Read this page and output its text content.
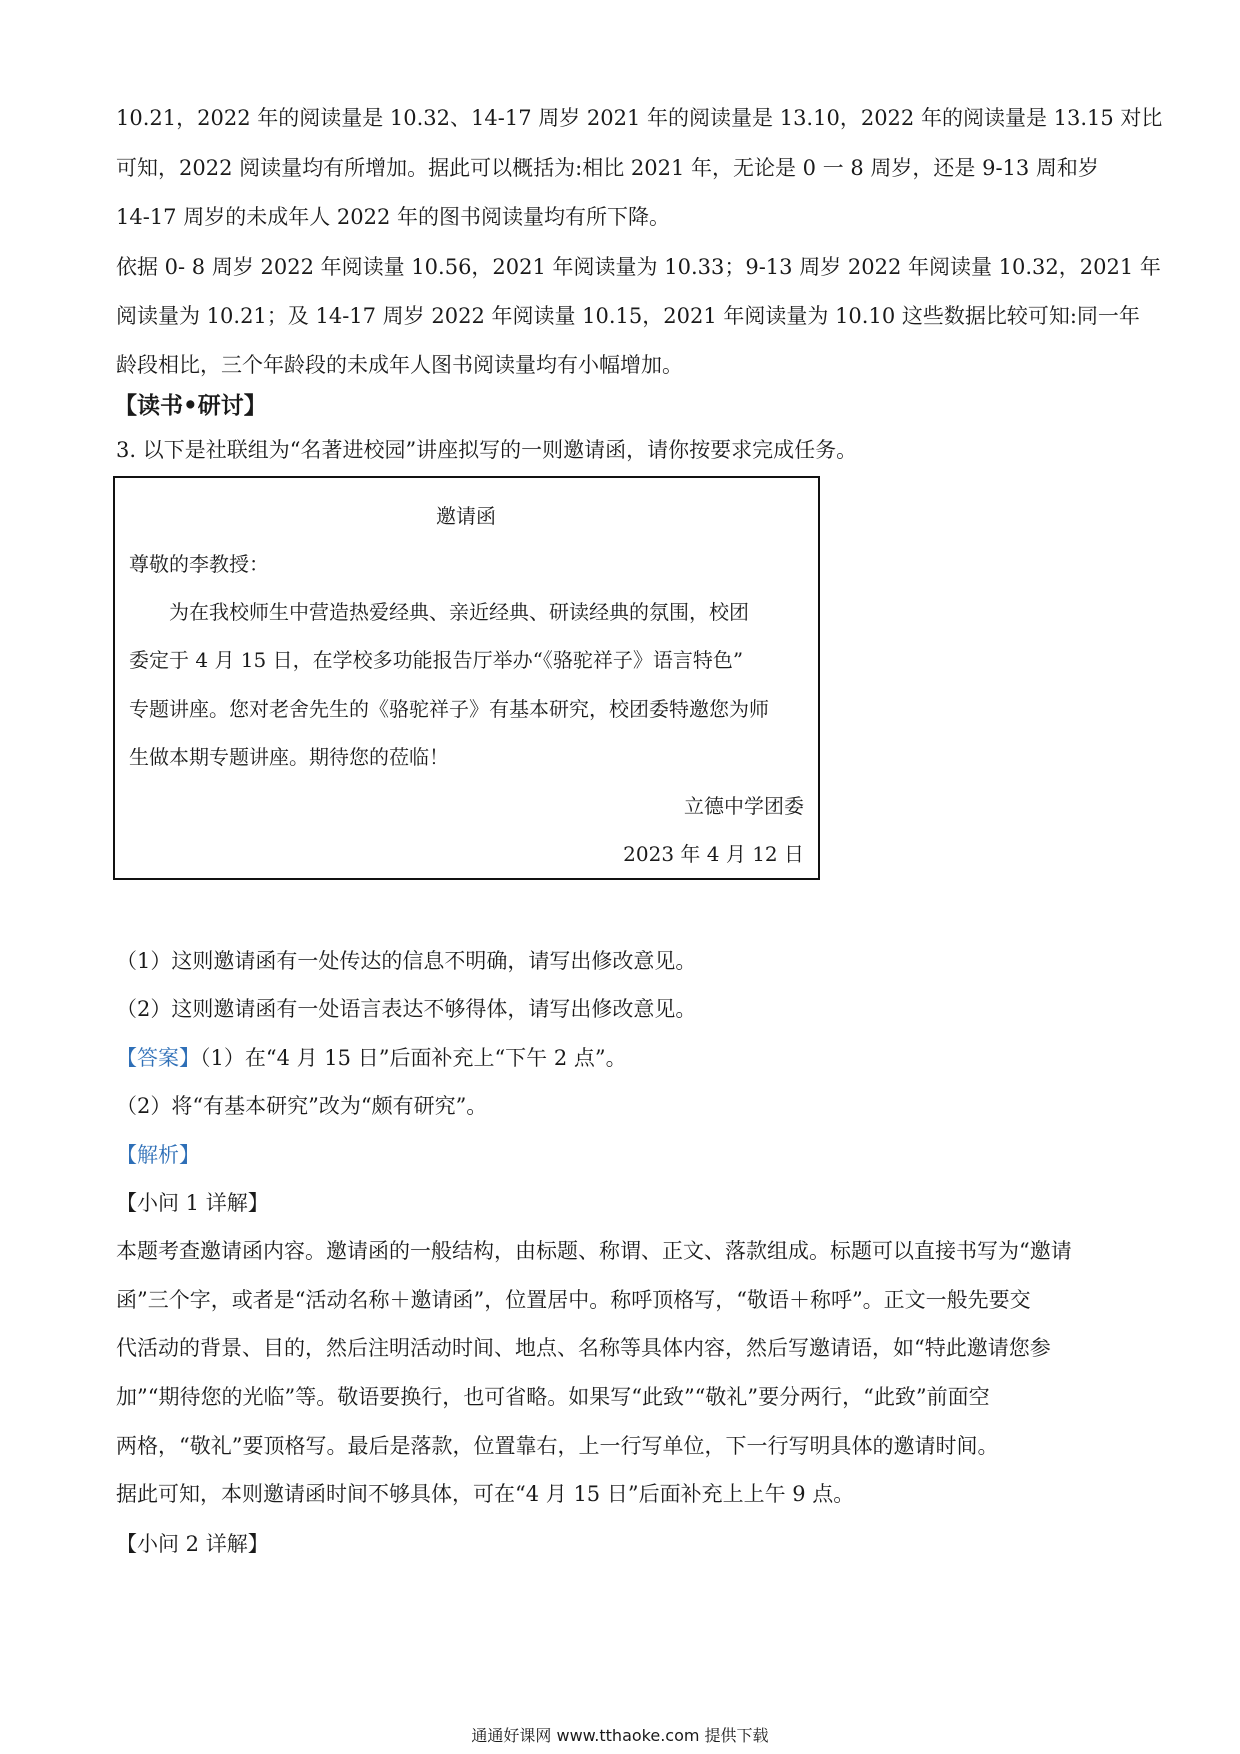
10.21，2022 年的阅读量是 10.32、14-17 周岁 2021 年的阅读量是 13.10，2022 年的阅读量是 13.15 对比
可知，2022 阅读量均有所增加。据此可以概括为:相比 2021 年，无论是 0 一 8 周岁，还是 9-13 周和岁
14-17 周岁的未成年人 2022 年的图书阅读量均有所下降。
依据 0- 8 周岁 2022 年阅读量 10.56，2021 年阅读量为 10.33；9-13 周岁 2022 年阅读量 10.32，2021 年
阅读量为 10.21；及 14-17 周岁 2022 年阅读量 10.15，2021 年阅读量为 10.10 这些数据比较可知:同一年
龄段相比，三个年龄段的未成年人图书阅读量均有小幅增加。
【读书•研讨】
3. 以下是社联组为“名著进校园”讲座拟写的一则邀请函，请你按要求完成任务。
邀请函
尊敬的李教授：
为在我校师生中营造热爱经典、亲近经典、研读经典的氛围，校团
委定于 4 月 15 日，在学校多功能报告厅举办“《骆驼祥子》语言特色”
专题讲座。您对老舍先生的《骆驼祥子》有基本研究，校团委特邀您为师
生做本期专题讲座。期待您的莅临！
立德中学团委
2023 年 4 月 12 日
（1）这则邀请函有一处传达的信息不明确，请写出修改意见。
（2）这则邀请函有一处语言表达不够得体，请写出修改意见。
【答案】（1）在“4 月 15 日”后面补充上“下午 2 点”。
（2）将“有基本研究”改为“颇有研究”。
【解析】
【小问 1 详解】
本题考查邀请函内容。邀请函的一般结构，由标题、称谓、正文、落款组成。标题可以直接书写为“邀请
函”三个字，或者是“活动名称＋邀请函”，位置居中。称呼顶格写，“敬语＋称呼”。正文一般先要交
代活动的背景、目的，然后注明活动时间、地点、名称等具体内容，然后写邀请语，如“特此邀请您参
加”“期待您的光临”等。敬语要换行，也可省略。如果写“此致”“敬礼”要分两行，“此致”前面空
两格，“敬礼”要顶格写。最后是落款，位置靠右，上一行写单位，下一行写明具体的邀请时间。
据此可知，本则邀请函时间不够具体，可在“4 月 15 日”后面补充上上午 9 点。
【小问 2 详解】
通通好课网 www.tthaoke.com 提供下载
